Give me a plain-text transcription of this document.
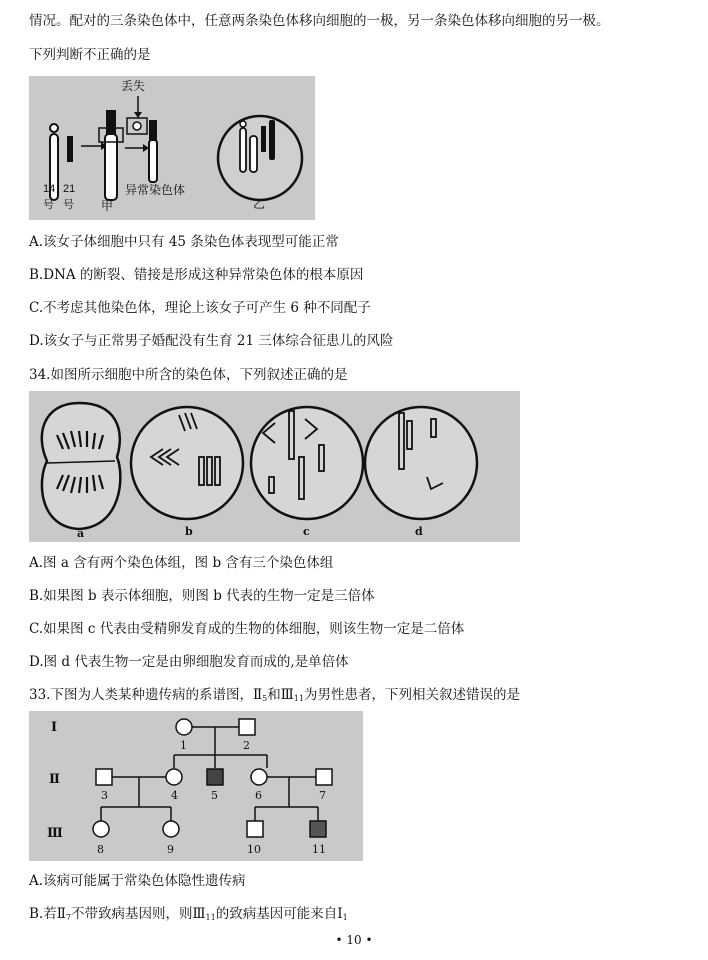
情况。配对的三条染色体中，任意两条染色体移向细胞的一极，另一条染色体移向细胞的另一极。
下列判断不正确的是
丢失
14 21
号 号 甲
异常染色体
乙
A.该女子体细胞中只有 45 条染色体表现型可能正常
B.DNA 的断裂、错接是形成这种异常染色体的根本原因
C.不考虑其他染色体，理论上该女子可产生 6 种不同配子
D.该女子与正常男子婚配没有生育 21 三体综合征患儿的风险
34.如图所示细胞中所含的染色体，下列叙述正确的是
a	b	c	d
A.图 a 含有两个染色体组，图 b 含有三个染色体组
B.如果图 b 表示体细胞，则图 b 代表的生物一定是三倍体
C.如果图 c 代表由受精卵发育成的生物的体细胞，则该生物一定是二倍体
D.图 d 代表生物一定是由卵细胞发育而成的,是单倍体
33.下图为人类某种遗传病的系谱图，$Ⅱ_5$和$Ⅲ_{11}$为男性患者，下列相关叙述错误的是
Ⅰ
Ⅱ
Ⅲ
1	2
3	4	5	6	7
8	9	10	11
A.该病可能属于常染色体隐性遗传病
B.若$Ⅱ_7$不带致病基因则，则$Ⅲ_{11}$的致病基因可能来自$Ⅰ_1$
• 10 •
